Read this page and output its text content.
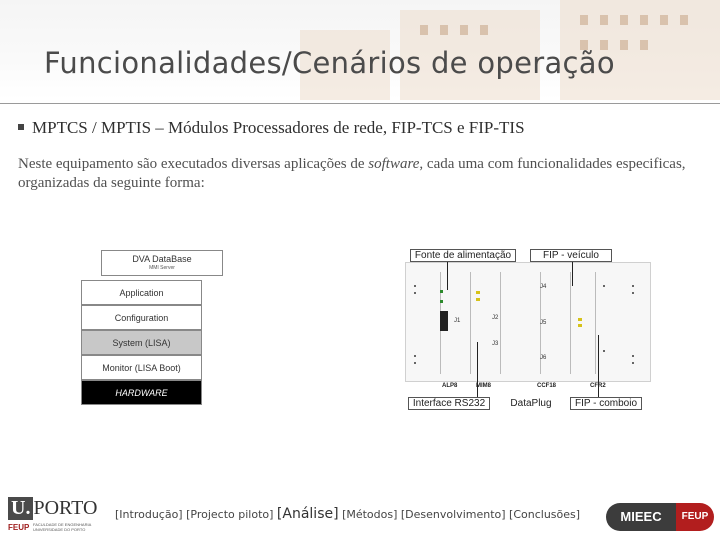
Funcionalidades/Cenários de operação
MPTCS / MPTIS – Módulos Processadores de rede, FIP-TCS e FIP-TIS
Neste equipamento são executados diversas aplicações de software, cada uma com funcionalidades especificas, organizadas da seguinte forma:
DVA DataBase
MMI Server
Application
Configuration
System (LISA)
Monitor (LISA Boot)
HARDWARE
Fonte de alimentação	FIP - veículo
J1	J2
J3
J4
J5
J6
ALP8	MIM8	CCF18	CFR2
Interface RS232	DataPlug	FIP - comboio
U. PORTO
FEUP FACULDADE DE ENGENHARIA
UNIVERSIDADE DO PORTO
[Introdução] [Projecto piloto] [Análise] [Métodos] [Desenvolvimento] [Conclusões]	MIEEC	FEUP
